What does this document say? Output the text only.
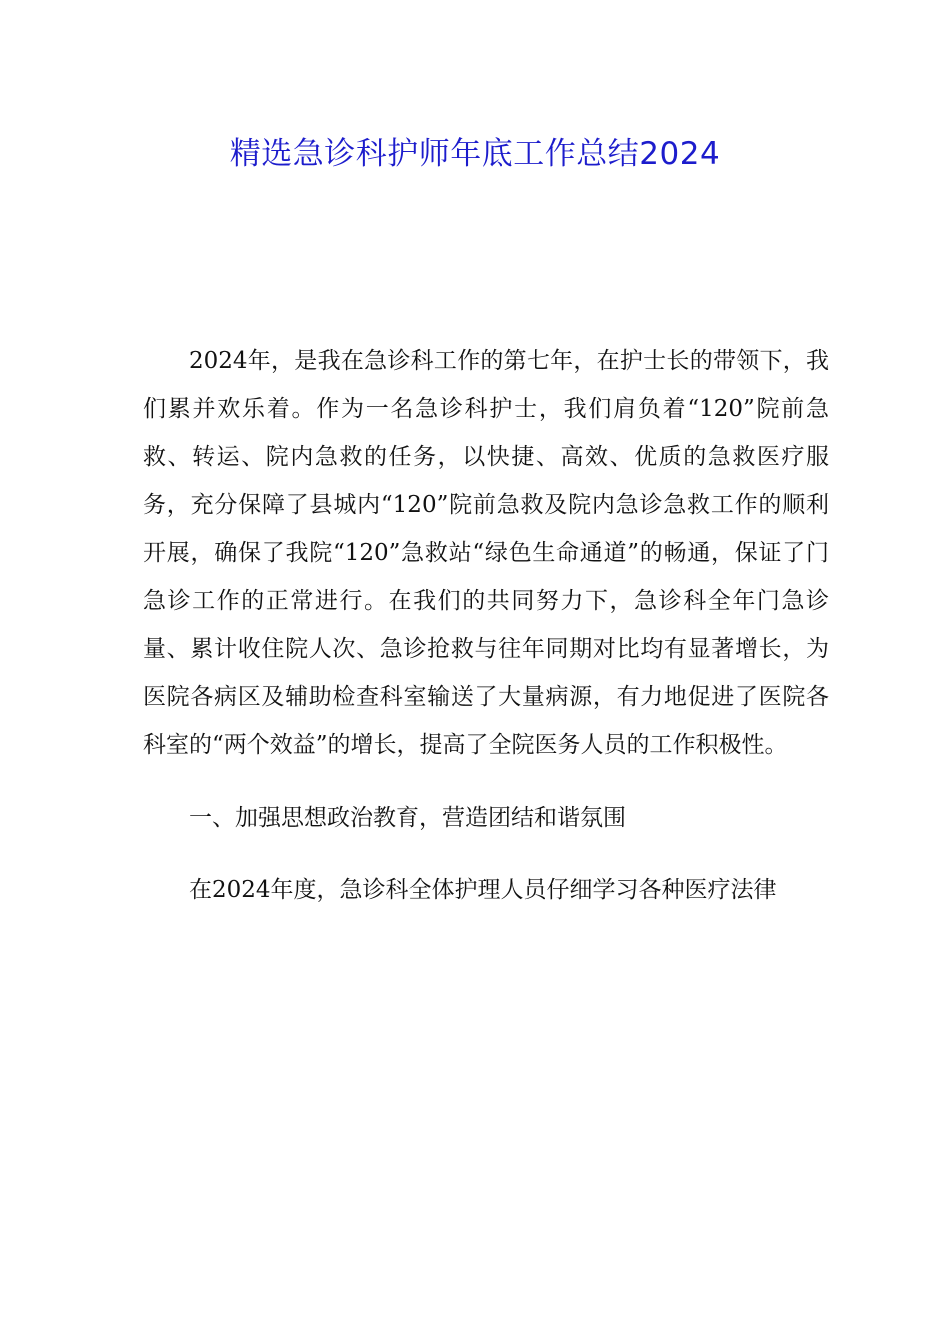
精选急诊科护师年底工作总结2024

2024年，是我在急诊科工作的第七年，在护士长的带领下，我们累并欢乐着。作为一名急诊科护士，我们肩负着“120”院前急救、转运、院内急救的任务，以快捷、高效、优质的急救医疗服务，充分保障了县城内“120”院前急救及院内急诊急救工作的顺利开展，确保了我院“120”急救站“绿色生命通道”的畅通，保证了门急诊工作的正常进行。在我们的共同努力下，急诊科全年门急诊量、累计收住院人次、急诊抢救与往年同期对比均有显著增长，为医院各病区及辅助检查科室输送了大量病源，有力地促进了医院各科室的“两个效益”的增长，提高了全院医务人员的工作积极性。

一、加强思想政治教育，营造团结和谐氛围

在2024年度，急诊科全体护理人员仔细学习各种医疗法律
